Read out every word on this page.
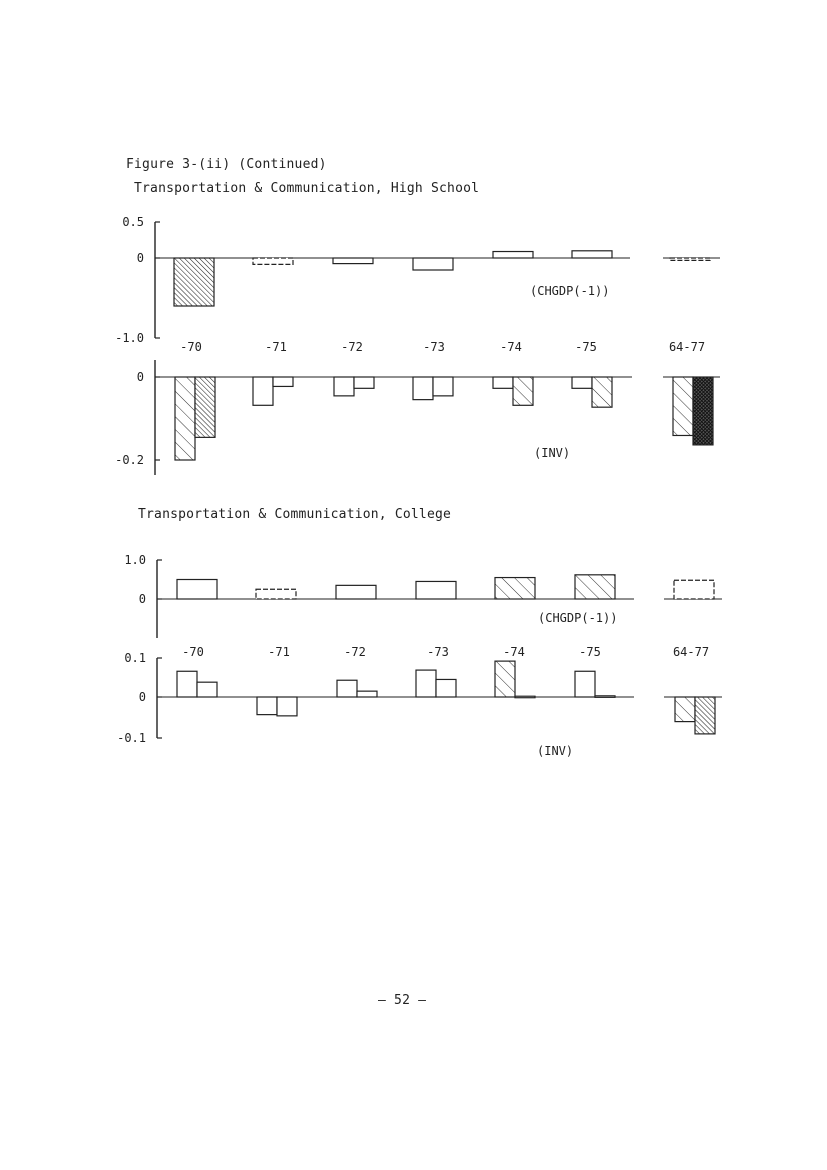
Figure 3-(ii) (Continued)
Transportation & Communication, High School
Transportation & Communication, College
– 52 –
0.5
0
-1.0
-70	-71	-72	-73	-74	-75	64-77
(CHGDP(-1))
0
-0.2	(INV)
1.0
0
-70	-71	-72	-73	-74	-75	64-77
(CHGDP(-1))
0.1
0
-0.1
(INV)
